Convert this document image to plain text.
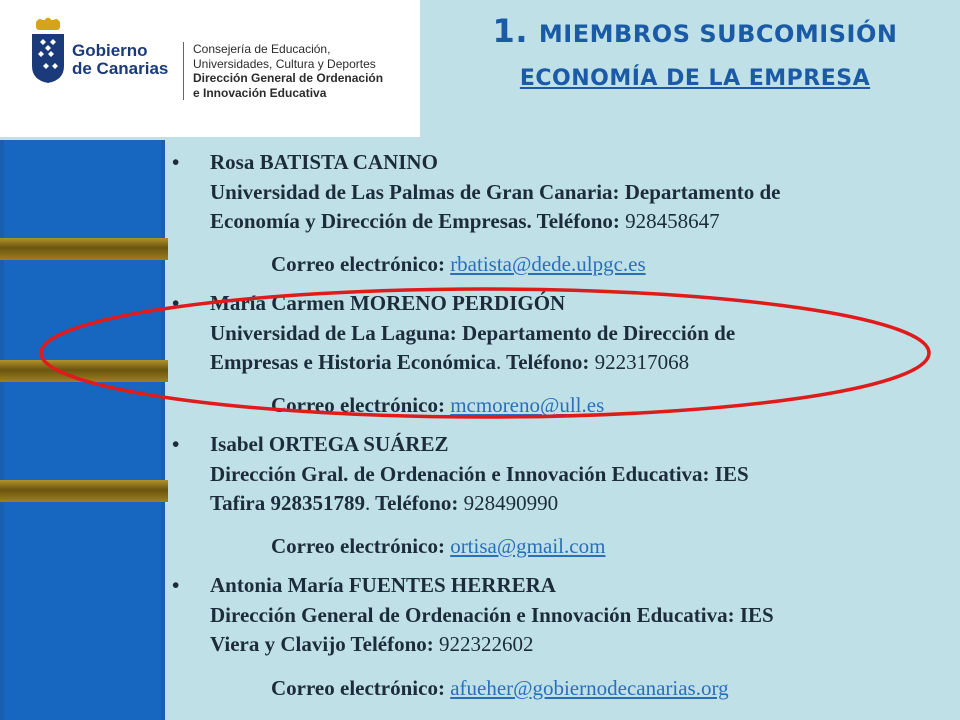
Gobierno
de Canarias
Consejería de Educación,
Universidades, Cultura y Deportes
Dirección General de Ordenación
e Innovación Educativa
1. MIEMBROS SUBCOMISIÓN
ECONOMÍA DE LA EMPRESA
• Rosa BATISTA CANINO
Universidad de Las Palmas de Gran Canaria: Departamento de
Economía y Dirección de Empresas. Teléfono: 928458647
Correo electrónico: rbatista@dede.ulpgc.es
• María Carmen MORENO PERDIGÓN
Universidad de La Laguna: Departamento de Dirección de
Empresas e Historia Económica. Teléfono: 922317068
Correo electrónico: mcmoreno@ull.es
• Isabel ORTEGA SUÁREZ
Dirección Gral. de Ordenación e Innovación Educativa: IES
Tafira 928351789. Teléfono: 928490990
Correo electrónico: ortisa@gmail.com
• Antonia María FUENTES HERRERA
Dirección General de Ordenación e Innovación Educativa: IES
Viera y Clavijo Teléfono: 922322602
Correo electrónico: afueher@gobiernodecanarias.org
